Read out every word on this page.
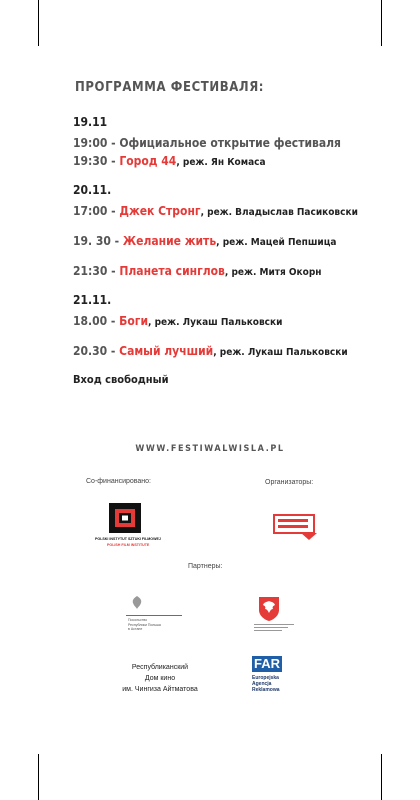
ПРОГРАММА ФЕСТИВАЛЯ:
19.11
19:00 - Официальное открытие фестиваля
19:30 - Город 44, реж. Ян Комаса
20.11.
17:00 - Джек Стронг, реж. Владыслав Пасиковски
19. 30 - Желание жить, реж. Мацей Пепшица
21:30 - Планета синглов, реж. Митя Окорн
21.11.
18.00 - Боги, реж. Лукаш Пальковски
20.30 - Самый лучший, реж. Лукаш Пальковски
Вход свободный
WWW.FESTIWALWISLA.PL
Со-финансировано:	Организаторы:
POLSKI INSTYTUT SZTUKI FILMOWEJ
POLISH FILM INSTITUTE
Партнеры:
Посольство
Республики Польша
в Астане
Республиканский
Дом кино
им. Чингиза Айтматова
FAR
Europejska
Agencja
Reklamowa
